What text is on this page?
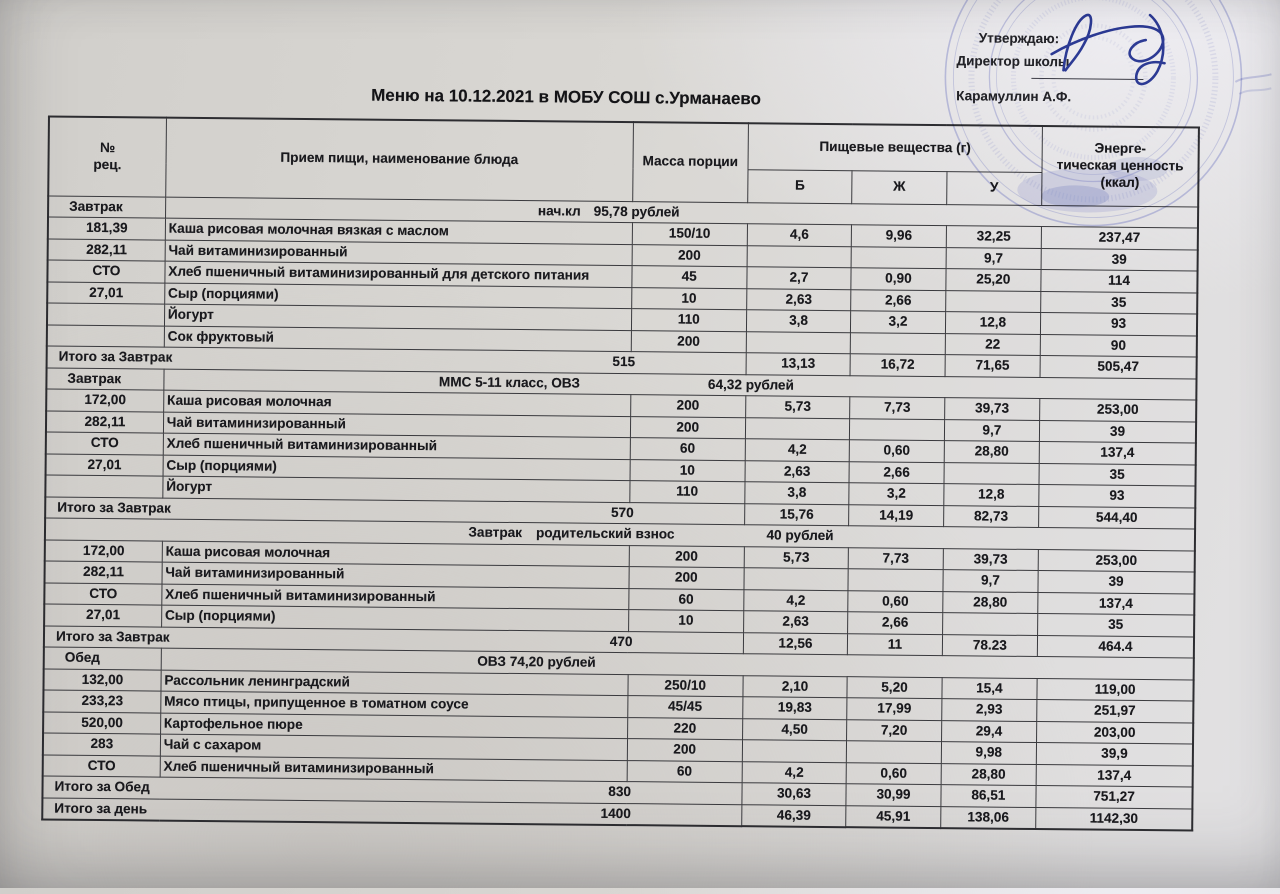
Меню на 10.12.2021 в МОБУ СОШ с.Урманаево
Утверждаю:
Директор школы
Карамуллин А.Ф.
№
рец.	Прием пищи, наименование блюда	Масса порции	Пищевые вещества (г)			Энерге-
тическая ценность
(ккал)
			Б	Ж	У	
Завтрак	нач.кл 95,78 рублей					
181,39	Каша рисовая молочная вязкая с маслом	150/10	4,6	9,96	32,25	237,47
282,11	Чай витаминизированный	200			9,7	39
СТО	Хлеб пшеничный витаминизированный для детского питания	45	2,7	0,90	25,20	114
27,01	Сыр (порциями)	10	2,63	2,66		35
	Йогурт	110	3,8	3,2	12,8	93
	Сок фруктовый	200			22	90

Итого за Завтрак 515			13,13	16,72	71,65	505,47
Завтрак	ММС 5-11 класс, ОВЗ 64,32 рублей					
172,00	Каша рисовая молочная	200	5,73	7,73	39,73	253,00
282,11	Чай витаминизированный	200			9,7	39
СТО	Хлеб пшеничный витаминизированный	60	4,2	0,60	28,80	137,4
27,01	Сыр (порциями)	10	2,63	2,66		35
	Йогурт	110	3,8	3,2	12,8	93

Итого за Завтрак 570			15,76	14,19	82,73	544,40

Завтрак родительский взнос 40 рублей						

172,00	Каша рисовая молочная	200	5,73	7,73	39,73	253,00
282,11	Чай витаминизированный	200			9,7	39
СТО	Хлеб пшеничный витаминизированный	60	4,2	0,60	28,80	137,4
27,01	Сыр (порциями)	10	2,63	2,66		35

Итого за Завтрак 470			12,56	11	78.23	464.4
Обед	ОВЗ 74,20 рублей					
132,00	Рассольник ленинградский	250/10	2,10	5,20	15,4	119,00
233,23	Мясо птицы, припущенное в томатном соусе	45/45	19,83	17,99	2,93	251,97
520,00	Картофельное пюре	220	4,50	7,20	29,4	203,00
283	Чай с сахаром	200			9,98	39,9
СТО	Хлеб пшеничный витаминизированный	60	4,2	0,60	28,80	137,4

Итого за Обед 830			30,63	30,99	86,51	751,27

Итого за день 1400			46,39	45,91	138,06	1142,30
